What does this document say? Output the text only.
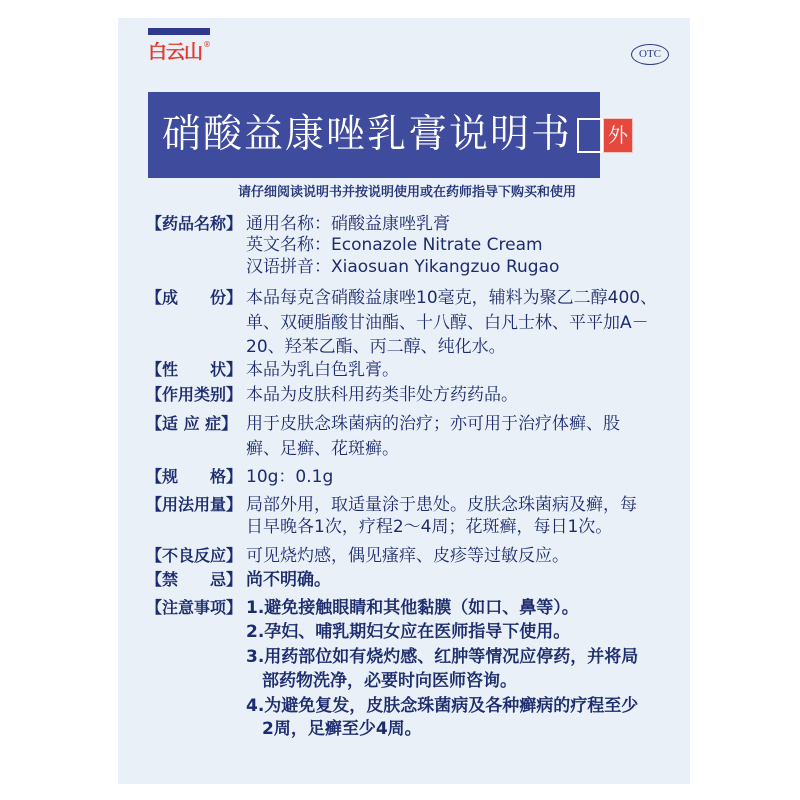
白云山 ®
OTC
硝酸益康唑乳膏说明书 外
请仔细阅读说明书并按说明使用或在药师指导下购买和使用
【药品名称】 通用名称：硝酸益康唑乳膏
英文名称：Econazole Nitrate Cream
汉语拼音：Xiaosuan Yikangzuo Rugao
【成　　份】 本品每克含硝酸益康唑10毫克，辅料为聚乙二醇400、
单、双硬脂酸甘油酯、十八醇、白凡士林、平平加A－
20、羟苯乙酯、丙二醇、纯化水。
【性　　状】 本品为乳白色乳膏。
【作用类别】 本品为皮肤科用药类非处方药药品。
【适 应 症】 用于皮肤念珠菌病的治疗；亦可用于治疗体癣、股
癣、足癣、花斑癣。
【规　　格】 10g：0.1g
【用法用量】 局部外用，取适量涂于患处。皮肤念珠菌病及癣，每
日早晚各1次，疗程2～4周；花斑癣，每日1次。
【不良反应】 可见烧灼感，偶见瘙痒、皮疹等过敏反应。
【禁　　忌】 尚不明确。
【注意事项】 1.避免接触眼睛和其他黏膜（如口、鼻等）。
2.孕妇、哺乳期妇女应在医师指导下使用。
3.用药部位如有烧灼感、红肿等情况应停药，并将局
部药物洗净，必要时向医师咨询。
4.为避免复发，皮肤念珠菌病及各种癣病的疗程至少
2周，足癣至少4周。
